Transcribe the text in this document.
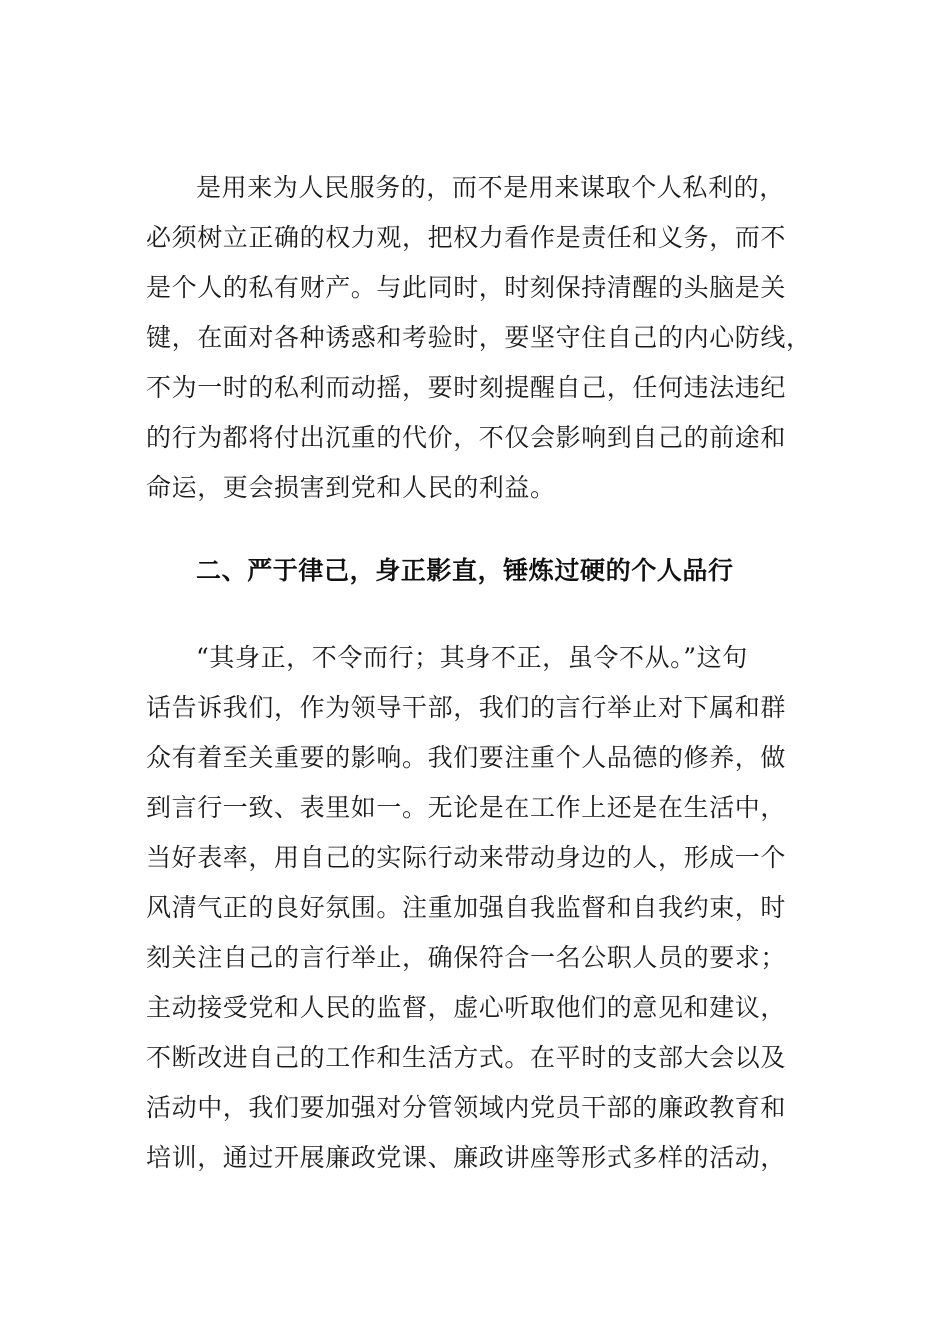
是用来为人民服务的，而不是用来谋取个人私利的，
必须树立正确的权力观，把权力看作是责任和义务，而不
是个人的私有财产。与此同时，时刻保持清醒的头脑是关
键，在面对各种诱惑和考验时，要坚守住自己的内心防线，
不为一时的私利而动摇，要时刻提醒自己，任何违法违纪
的行为都将付出沉重的代价，不仅会影响到自己的前途和
命运，更会损害到党和人民的利益。
二、严于律己，身正影直，锤炼过硬的个人品行
“其身正，不令而行；其身不正，虽令不从。”这句
话告诉我们，作为领导干部，我们的言行举止对下属和群
众有着至关重要的影响。我们要注重个人品德的修养，做
到言行一致、表里如一。无论是在工作上还是在生活中，
当好表率，用自己的实际行动来带动身边的人，形成一个
风清气正的良好氛围。注重加强自我监督和自我约束，时
刻关注自己的言行举止，确保符合一名公职人员的要求；
主动接受党和人民的监督，虚心听取他们的意见和建议，
不断改进自己的工作和生活方式。在平时的支部大会以及
活动中，我们要加强对分管领域内党员干部的廉政教育和
培训，通过开展廉政党课、廉政讲座等形式多样的活动，
